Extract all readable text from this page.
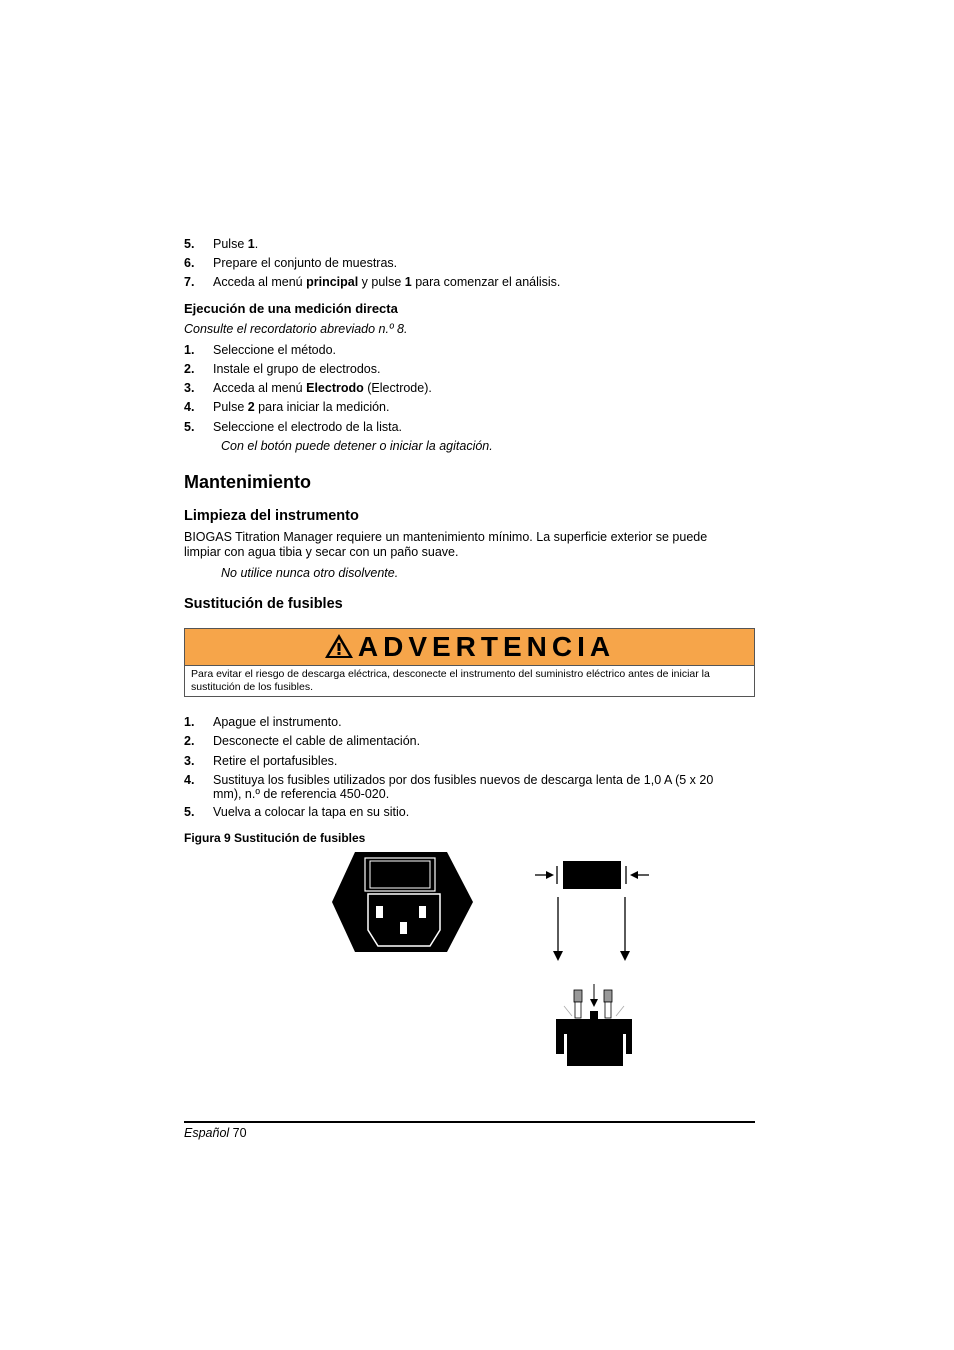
5. Pulse 1.
6. Prepare el conjunto de muestras.
7. Acceda al menú principal y pulse 1 para comenzar el análisis.
Ejecución de una medición directa
Consulte el recordatorio abreviado n.º 8.
1. Seleccione el método.
2. Instale el grupo de electrodos.
3. Acceda al menú Electrodo (Electrode).
4. Pulse 2 para iniciar la medición.
5. Seleccione el electrodo de la lista.
Con el botón puede detener o iniciar la agitación.
Mantenimiento
Limpieza del instrumento
BIOGAS Titration Manager requiere un mantenimiento mínimo. La superficie exterior se puede limpiar con agua tibia y secar con un paño suave.
No utilice nunca otro disolvente.
Sustitución de fusibles
ADVERTENCIA
Para evitar el riesgo de descarga eléctrica, desconecte el instrumento del suministro eléctrico antes de iniciar la sustitución de los fusibles.
1. Apague el instrumento.
2. Desconecte el cable de alimentación.
3. Retire el portafusibles.
4. Sustituya los fusibles utilizados por dos fusibles nuevos de descarga lenta de 1,0 A (5 x 20 mm), n.º de referencia 450-020.
5. Vuelva a colocar la tapa en su sitio.
Figura 9 Sustitución de fusibles
Español 70
